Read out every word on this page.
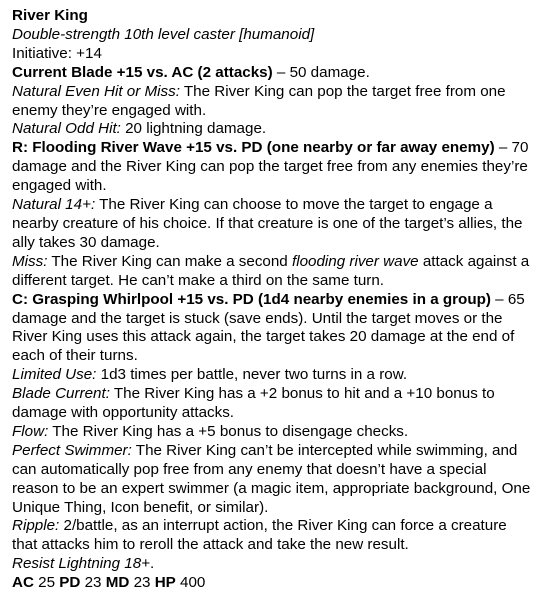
River King

Double-strength 10th level caster [humanoid]

Initiative: +14

Current Blade +15 vs. AC (2 attacks) – 50 damage.

Natural Even Hit or Miss: The River King can pop the target free from one enemy they’re engaged with.

Natural Odd Hit: 20 lightning damage.

R: Flooding River Wave +15 vs. PD (one nearby or far away enemy) – 70 damage and the River King can pop the target free from any enemies they’re engaged with.

Natural 14+: The River King can choose to move the target to engage a nearby creature of his choice. If that creature is one of the target’s allies, the ally takes 30 damage.

Miss: The River King can make a second flooding river wave attack against a different target. He can’t make a third on the same turn.

C: Grasping Whirlpool +15 vs. PD (1d4 nearby enemies in a group) – 65 damage and the target is stuck (save ends). Until the target moves or the River King uses this attack again, the target takes 20 damage at the end of each of their turns.

Limited Use: 1d3 times per battle, never two turns in a row.

Blade Current: The River King has a +2 bonus to hit and a +10 bonus to damage with opportunity attacks.

Flow: The River King has a +5 bonus to disengage checks.

Perfect Swimmer: The River King can’t be intercepted while swimming, and can automatically pop free from any enemy that doesn’t have a special reason to be an expert swimmer (a magic item, appropriate background, One Unique Thing, Icon benefit, or similar).

Ripple: 2/battle, as an interrupt action, the River King can force a creature that attacks him to reroll the attack and take the new result.

Resist Lightning 18+.

AC 25 PD 23 MD 23 HP 400
